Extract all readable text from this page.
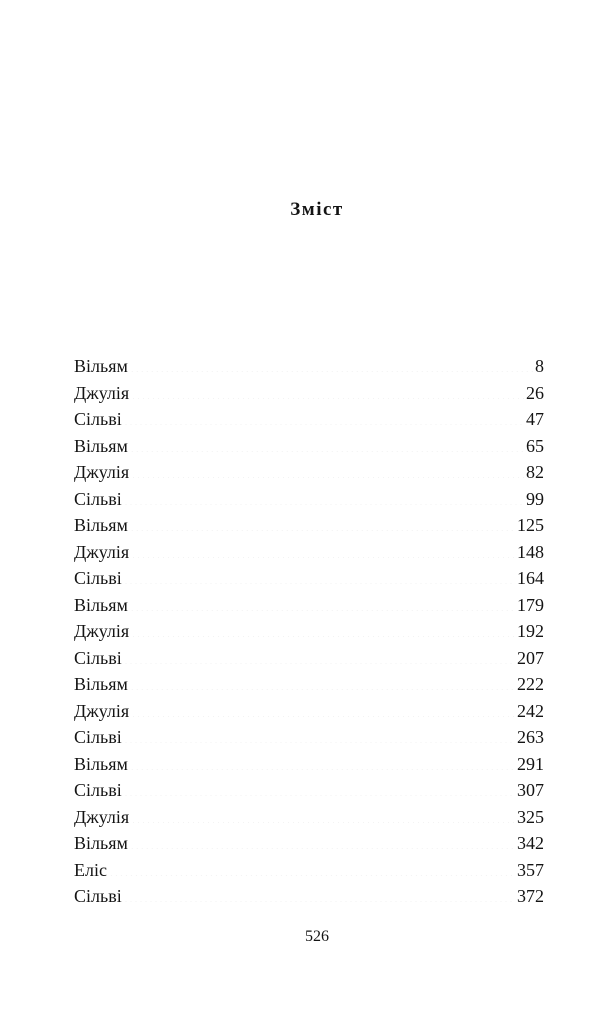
Зміст
Вільям .....	8
Джулія .....	26
Сільві .....	47
Вільям .....	65
Джулія .....	82
Сільві .....	99
Вільям .....	125
Джулія .....	148
Сільві .....	164
Вільям .....	179
Джулія .....	192
Сільві .....	207
Вільям .....	222
Джулія .....	242
Сільві .....	263
Вільям .....	291
Сільві .....	307
Джулія .....	325
Вільям .....	342
Еліс .....	357
Сільві .....	372
526
